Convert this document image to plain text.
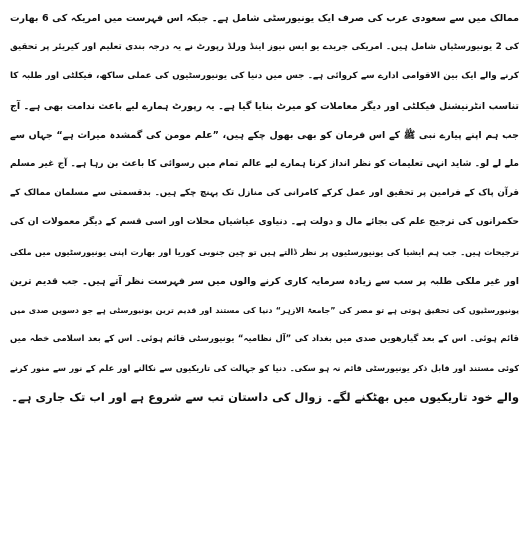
ممالک میں سے سعودی عرب کی صرف ایک یونیورسٹی شامل ہے۔ جبکہ اس فہرست میں امریکہ کی 6 بھارت
کی 2 یونیورسٹیاں شامل ہیں۔ امریکی جریدے یو ایس نیوز اینڈ ورلڈ رپورٹ نے یہ درجہ بندی تعلیم اور کیریئر پر تحقیق
کرنے والے ایک بین الاقوامی ادارے سے کروائی ہے۔ جس میں دنیا کی یونیورسٹیوں کی عملی ساکھ، فیکلٹی اور طلبہ کا
تناسب انٹرنیشنل فیکلٹی اور دیگر معاملات کو میرٹ بنایا گیا ہے۔ یہ رپورٹ ہمارے لیے باعث ندامت بھی ہے۔ آج
جب ہم اپنے پیارے نبی ﷺ کے اس فرمان کو بھی بھول چکے ہیں، ”علم مومن کی گمشدہ میراث ہے“ جہاں سے
ملے لے لو۔ شاید انہی تعلیمات کو نظر انداز کرنا ہمارے لیے عالم تمام میں رسوائی کا باعث بن رہا ہے۔ آج غیر مسلم
قرآن پاک کے فرامین پر تحقیق اور عمل کرکے کامرانی کی منازل تک پہنچ چکے ہیں۔ بدقسمتی سے مسلمان ممالک کے
حکمرانوں کی ترجیح علم کی بجائے مال و دولت ہے۔ دنیاوی عیاشیاں محلات اور اسی قسم کے دیگر معمولات ان کی
ترجیحات ہیں۔ جب ہم ایشیا کی یونیورسٹیوں پر نظر ڈالتے ہیں تو چین جنوبی کوریا اور بھارت اپنی یونیورسٹیوں میں ملکی
اور غیر ملکی طلبہ پر سب سے زیادہ سرمایہ کاری کرنے والوں میں سر فہرست نظر آتے ہیں۔ جب قدیم ترین
یونیورسٹیوں کی تحقیق ہوتی ہے تو مصر کی ”جامعۃ الازہر“ دنیا کی مستند اور قدیم ترین یونیورسٹی ہے جو دسویں صدی میں
قائم ہوئی۔ اس کے بعد گیارھویں صدی میں بغداد کی ”آل نظامیہ“ یونیورسٹی قائم ہوئی۔ اس کے بعد اسلامی خطہ میں
کوئی مستند اور قابل ذکر یونیورسٹی قائم نہ ہو سکی۔ دنیا کو جہالت کی تاریکیوں سے نکالنے اور علم کے نور سے منور کرنے
والے خود تاریکیوں میں بھٹکنے لگے۔ زوال کی داستان تب سے شروع ہے اور اب تک جاری ہے۔
